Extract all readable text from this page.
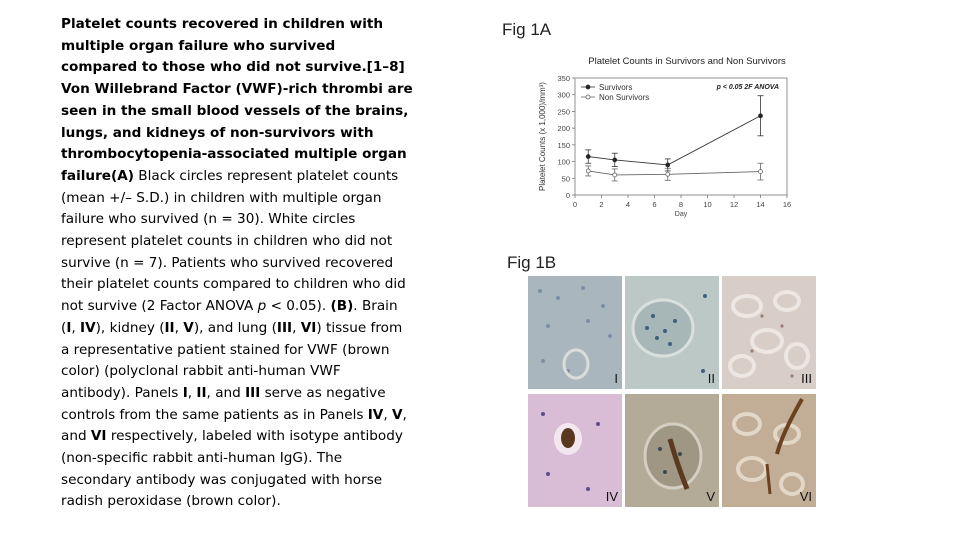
Platelet counts recovered in children with multiple organ failure who survived compared to those who did not survive.[1–8] Von Willebrand Factor (VWF)-rich thrombi are seen in the small blood vessels of the brains, lungs, and kidneys of non-survivors with thrombocytopenia-associated multiple organ failure(A) Black circles represent platelet counts (mean +/– S.D.) in children with multiple organ failure who survived (n = 30). White circles represent platelet counts in children who did not survive (n = 7). Patients who survived recovered their platelet counts compared to children who did not survive (2 Factor ANOVA p < 0.05). (B). Brain (I, IV), kidney (II, V), and lung (III, VI) tissue from a representative patient stained for VWF (brown color) (polyclonal rabbit anti-human VWF antibody). Panels I, II, and III serve as negative controls from the same patients as in Panels IV, V, and VI respectively, labeled with isotype antibody (non-specific rabbit anti-human IgG). The secondary antibody was conjugated with horse radish peroxidase (brown color).

Fig 1A
Platelet Counts in Survivors and Non Survivors
0
50
100
150
200
250
300
350
0	2	4	6	8	10 12 14 16
Day
Platelet Counts (x 1,000)/mm³)	p < 0.05 2F ANOVA
Survivors
Non Survivors
Fig 1B
I	II	III
IV	V	VI
